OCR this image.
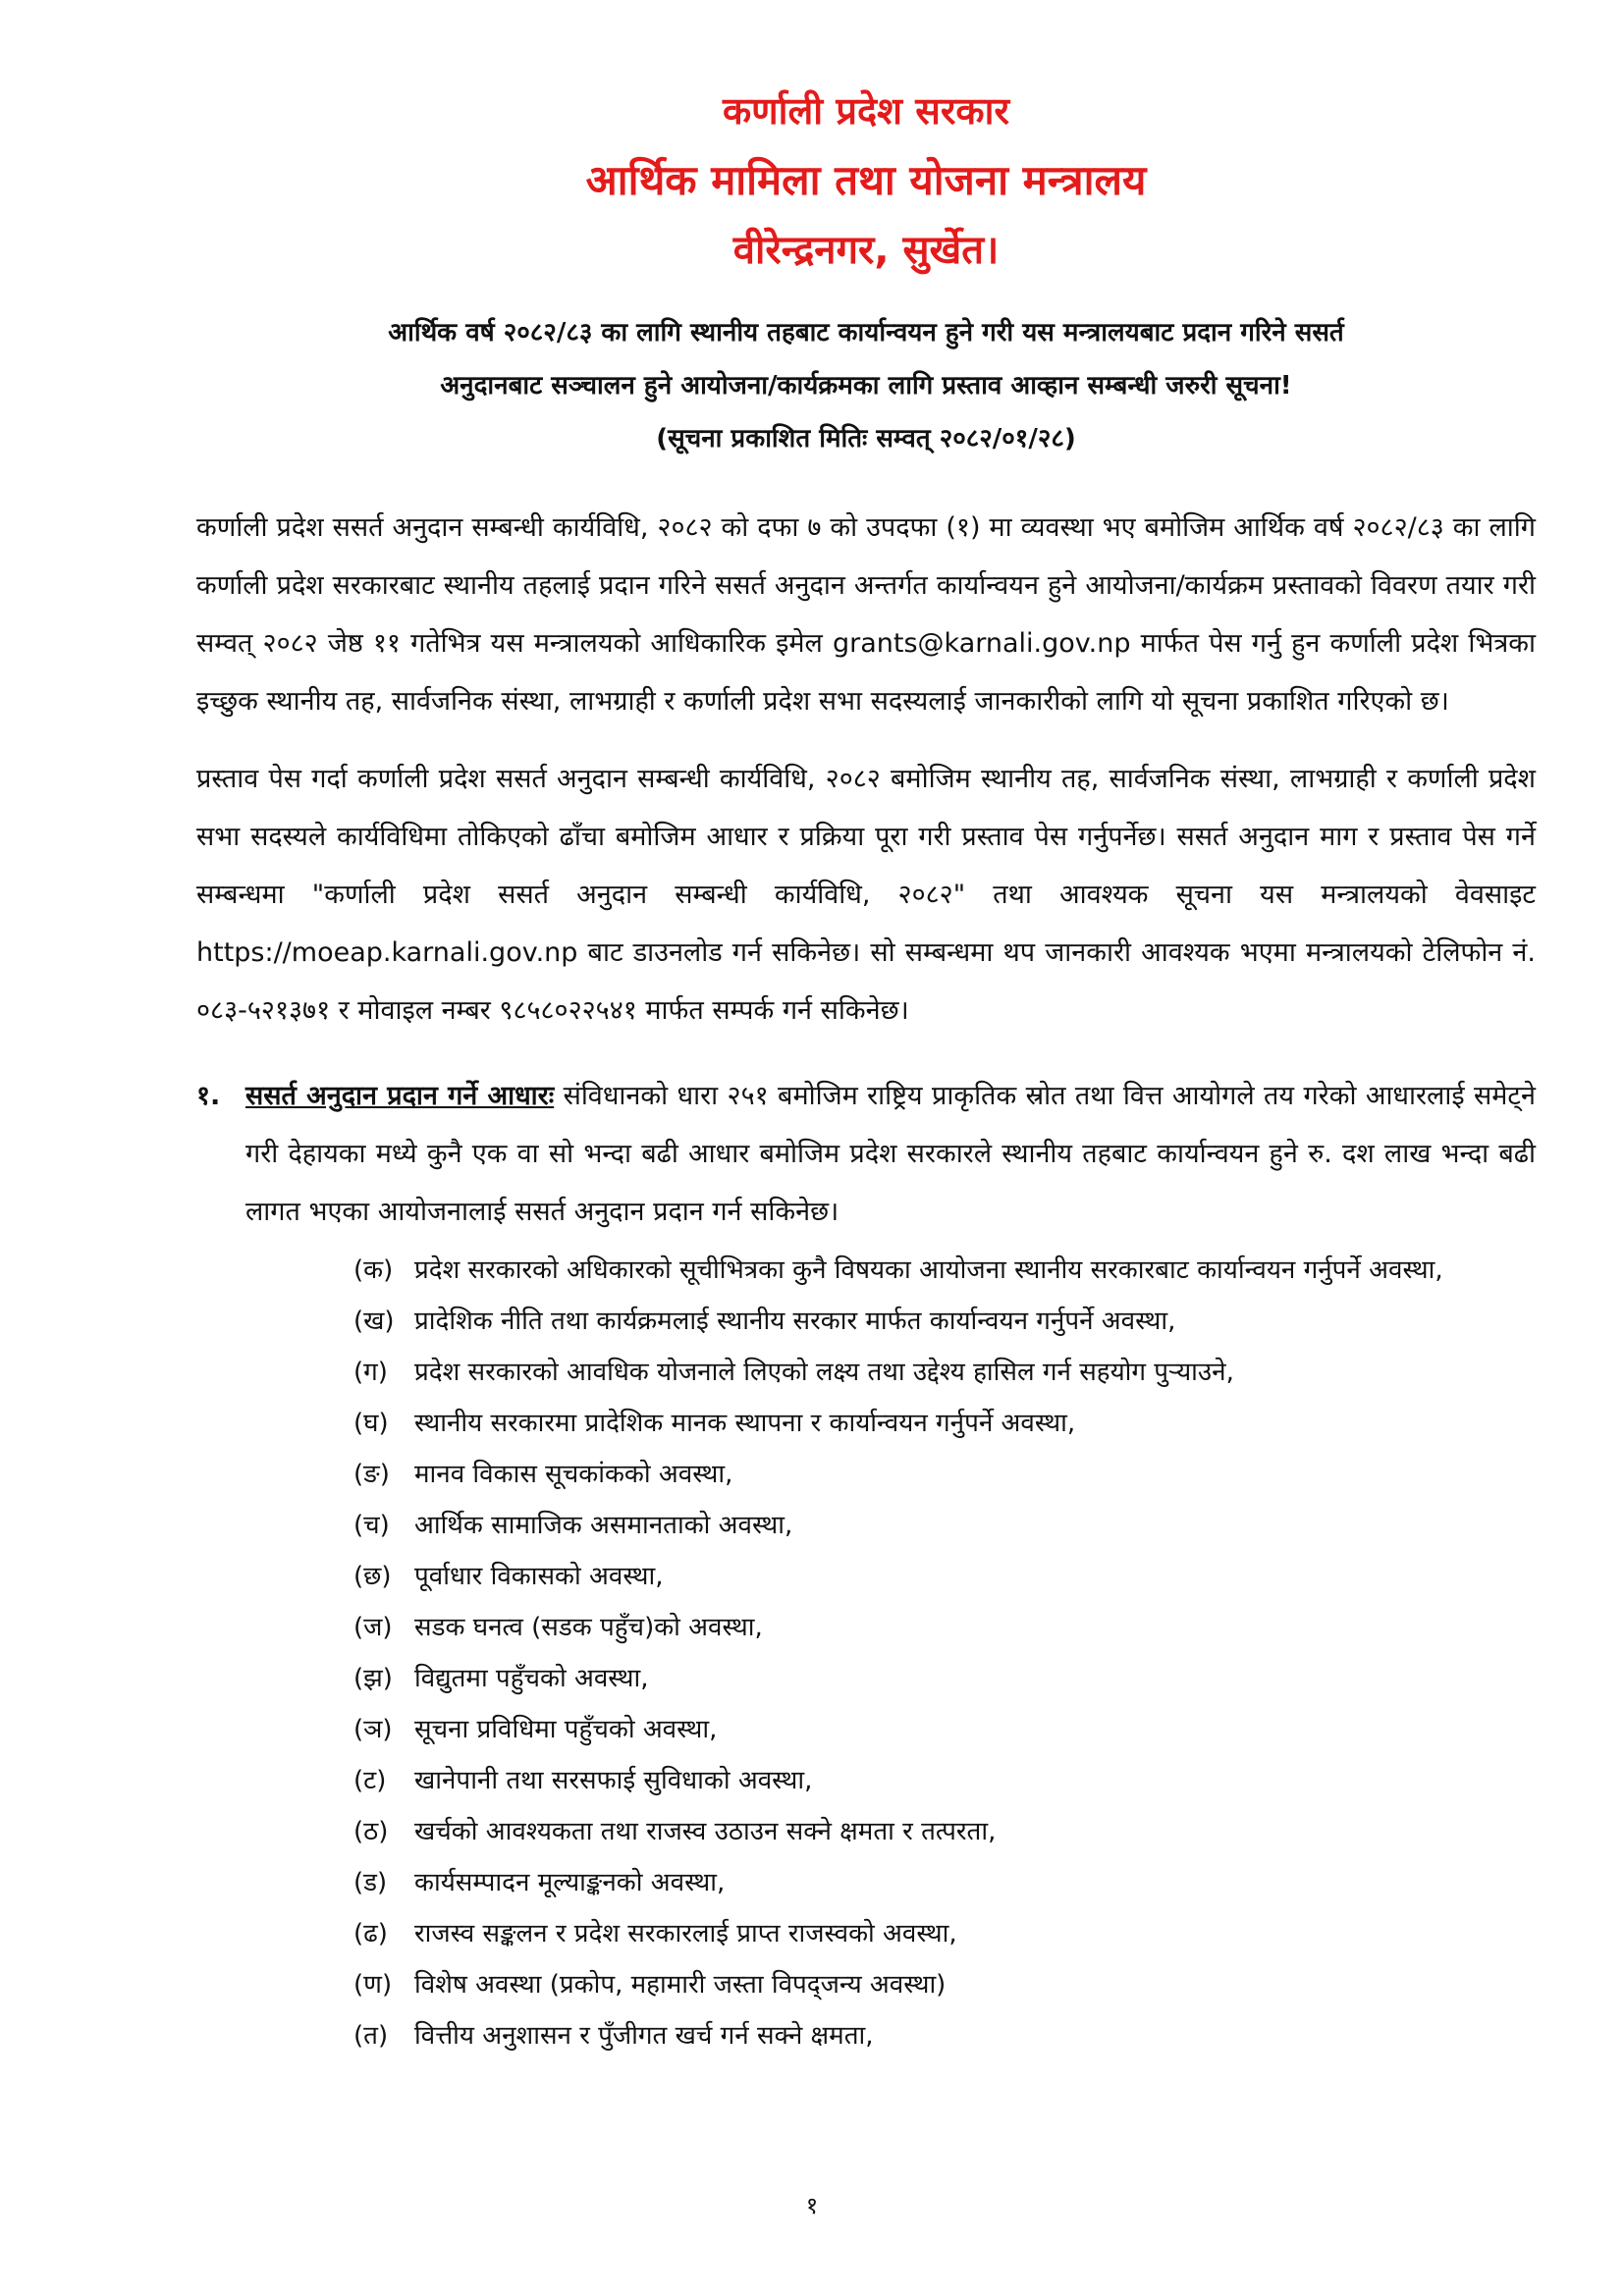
कर्णाली प्रदेश सरकार
आर्थिक मामिला तथा योजना मन्त्रालय
वीरेन्द्रनगर, सुर्खेत।
आर्थिक वर्ष २०८२/८३ का लागि स्थानीय तहबाट कार्यान्वयन हुने गरी यस मन्त्रालयबाट प्रदान गरिने ससर्त
अनुदानबाट सञ्चालन हुने आयोजना/कार्यक्रमका लागि प्रस्ताव आव्हान सम्बन्धी जरुरी सूचना!
(सूचना प्रकाशित मितिः सम्वत् २०८२/०१/२८)

कर्णाली प्रदेश ससर्त अनुदान सम्बन्धी कार्यविधि, २०८२ को दफा ७ को उपदफा (१) मा व्यवस्था भए बमोजिम आर्थिक वर्ष २०८२/८३ का लागि कर्णाली प्रदेश सरकारबाट स्थानीय तहलाई प्रदान गरिने ससर्त अनुदान अन्तर्गत कार्यान्वयन हुने आयोजना/कार्यक्रम प्रस्तावको विवरण तयार गरी सम्वत् २०८२ जेष्ठ ११ गतेभित्र यस मन्त्रालयको आधिकारिक इमेल grants@karnali.gov.np मार्फत पेस गर्नु हुन कर्णाली प्रदेश भित्रका इच्छुक स्थानीय तह, सार्वजनिक संस्था, लाभग्राही र कर्णाली प्रदेश सभा सदस्यलाई जानकारीको लागि यो सूचना प्रकाशित गरिएको छ।

प्रस्ताव पेस गर्दा कर्णाली प्रदेश ससर्त अनुदान सम्बन्धी कार्यविधि, २०८२ बमोजिम स्थानीय तह, सार्वजनिक संस्था, लाभग्राही र कर्णाली प्रदेश सभा सदस्यले कार्यविधिमा तोकिएको ढाँचा बमोजिम आधार र प्रक्रिया पूरा गरी प्रस्ताव पेस गर्नुपर्नेछ। ससर्त अनुदान माग र प्रस्ताव पेस गर्ने सम्बन्धमा "कर्णाली प्रदेश ससर्त अनुदान सम्बन्धी कार्यविधि, २०८२" तथा आवश्यक सूचना यस मन्त्रालयको वेवसाइट https://moeap.karnali.gov.np बाट डाउनलोड गर्न सकिनेछ। सो सम्बन्धमा थप जानकारी आवश्यक भएमा मन्त्रालयको टेलिफोन नं. ०८३-५२१३७१ र मोवाइल नम्बर ९८५८०२२५४१ मार्फत सम्पर्क गर्न सकिनेछ।

१. ससर्त अनुदान प्रदान गर्ने आधारः संविधानको धारा २५१ बमोजिम राष्ट्रिय प्राकृतिक स्रोत तथा वित्त आयोगले तय गरेको आधारलाई समेट्ने गरी देहायका मध्ये कुनै एक वा सो भन्दा बढी आधार बमोजिम प्रदेश सरकारले स्थानीय तहबाट कार्यान्वयन हुने रु. दश लाख भन्दा बढी लागत भएका आयोजनालाई ससर्त अनुदान प्रदान गर्न सकिनेछ।

(क) प्रदेश सरकारको अधिकारको सूचीभित्रका कुनै विषयका आयोजना स्थानीय सरकारबाट कार्यान्वयन गर्नुपर्ने अवस्था,
(ख) प्रादेशिक नीति तथा कार्यक्रमलाई स्थानीय सरकार मार्फत कार्यान्वयन गर्नुपर्ने अवस्था,
(ग) प्रदेश सरकारको आवधिक योजनाले लिएको लक्ष्य तथा उद्देश्य हासिल गर्न सहयोग पुऱ्याउने,
(घ) स्थानीय सरकारमा प्रादेशिक मानक स्थापना र कार्यान्वयन गर्नुपर्ने अवस्था,
(ङ) मानव विकास सूचकांकको अवस्था,
(च) आर्थिक सामाजिक असमानताको अवस्था,
(छ) पूर्वाधार विकासको अवस्था,
(ज) सडक घनत्व (सडक पहुँच)को अवस्था,
(झ) विद्युतमा पहुँचको अवस्था,
(ञ) सूचना प्रविधिमा पहुँचको अवस्था,
(ट) खानेपानी तथा सरसफाई सुविधाको अवस्था,
(ठ) खर्चको आवश्यकता तथा राजस्व उठाउन सक्ने क्षमता र तत्परता,
(ड) कार्यसम्पादन मूल्याङ्कनको अवस्था,
(ढ) राजस्व सङ्कलन र प्रदेश सरकारलाई प्राप्त राजस्वको अवस्था,
(ण) विशेष अवस्था (प्रकोप, महामारी जस्ता विपद्जन्य अवस्था)
(त) वित्तीय अनुशासन र पुँजीगत खर्च गर्न सक्ने क्षमता,
१
